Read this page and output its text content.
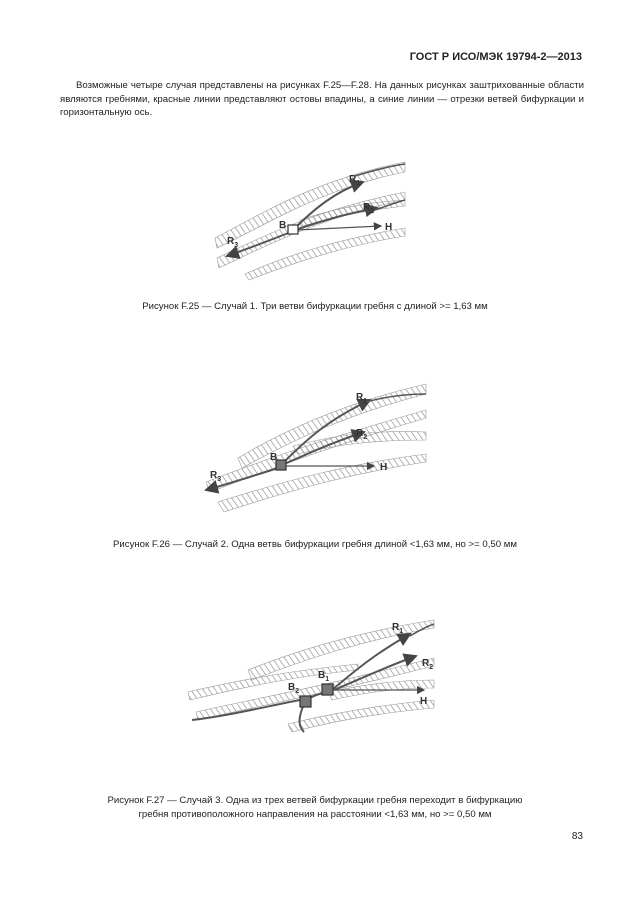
ГОСТ Р ИСО/МЭК 19794-2—2013

Возможные четыре случая представлены на рисунках F.25—F.28. На данных рисунках заштрихованные области являются гребнями, красные линии представляют остовы впадины, а синие линии — отрезки ветвей бифуркации и горизонтальную ось.

$R_1$
$R_2$
$R_3$
B	H

Рисунок F.25 — Случай 1. Три ветви бифуркации гребня с длиной >= 1,63 мм

$R_1$
$R_2$
$R_3$
B
H

Рисунок F.26 — Случай 2. Одна ветвь бифуркации гребня длиной <1,63 мм, но >= 0,50 мм

$R_1$
$R_2$
$B_1$
$B_2$
H

Рисунок F.27 — Случай 3. Одна из трех ветвей бифуркации гребня переходит в бифуркацию

гребня противоположного направления на расстоянии <1,63 мм, но >= 0,50 мм

83
